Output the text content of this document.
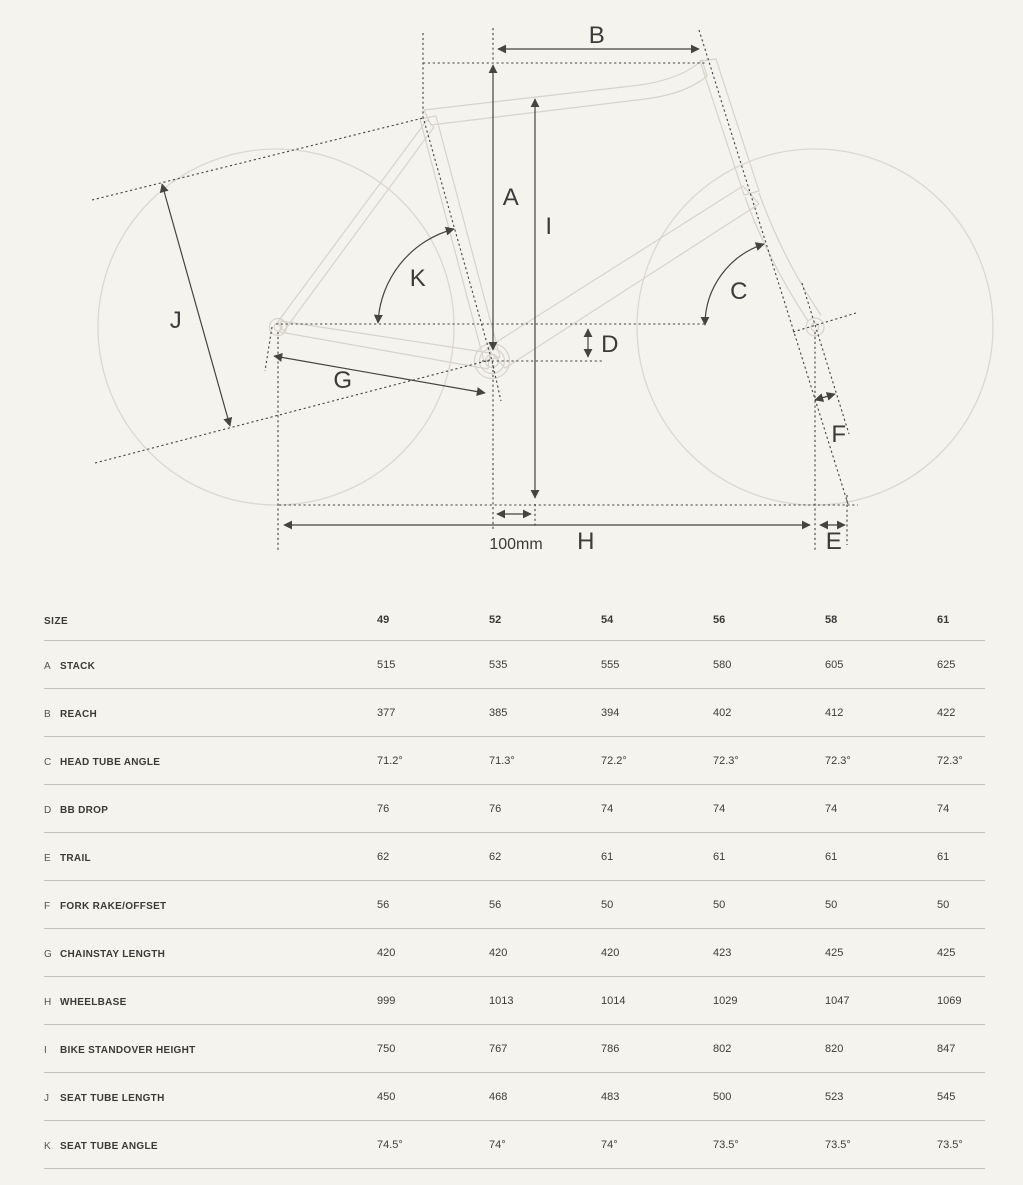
A
B
C
D
E
F
G
H
I
J
K
100mm
SIZE	49	52	54	56	58	61
A STACK	515	535	555	580	605	625
B REACH	377	385	394	402	412	422
C HEAD TUBE ANGLE	71.2°	71.3°	72.2°	72.3°	72.3°	72.3°
D BB DROP	76	76	74	74	74	74
E TRAIL	62	62	61	61	61	61
F FORK RAKE/OFFSET	56	56	50	50	50	50
G CHAINSTAY LENGTH	420	420	420	423	425	425
H WHEELBASE	999	1013	1014	1029	1047	1069
I BIKE STANDOVER HEIGHT	750	767	786	802	820	847
J SEAT TUBE LENGTH	450	468	483	500	523	545
K SEAT TUBE ANGLE	74.5°	74°	74°	73.5°	73.5°	73.5°
